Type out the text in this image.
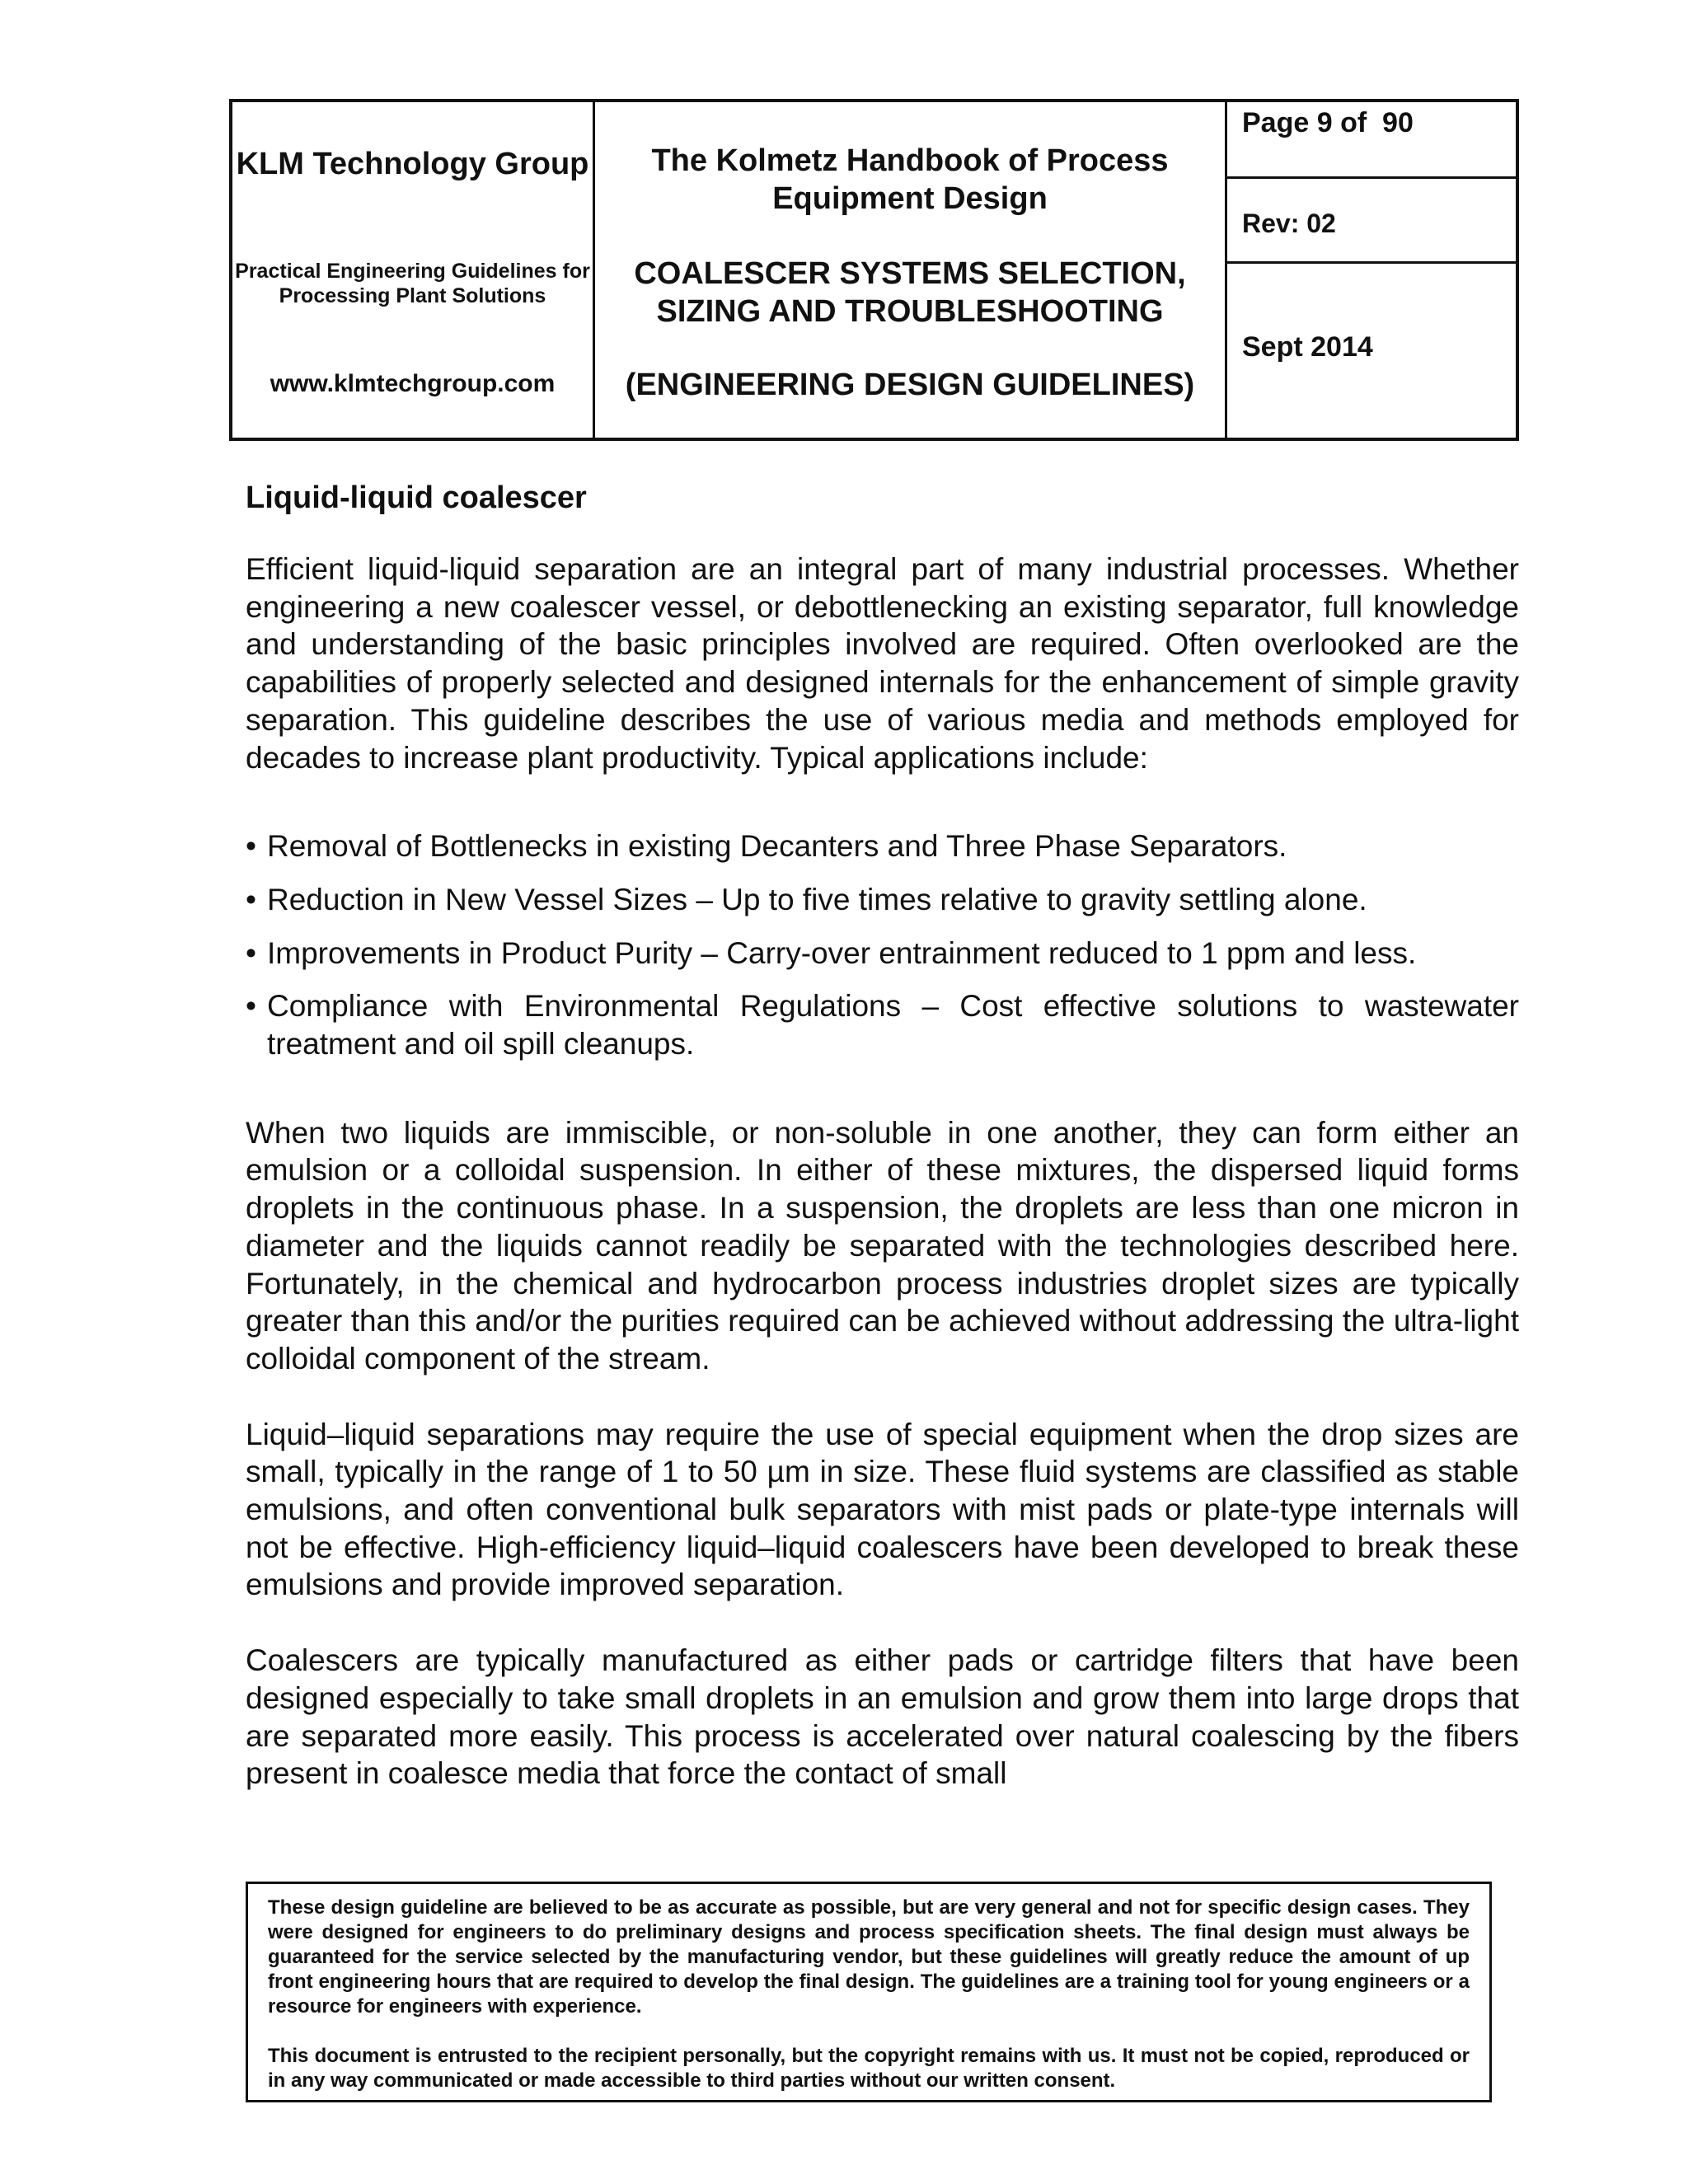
KLM Technology Group
Practical Engineering Guidelines for Processing Plant Solutions
www.klmtechgroup.com
The Kolmetz Handbook of Process Equipment Design
COALESCER SYSTEMS SELECTION, SIZING AND TROUBLESHOOTING
(ENGINEERING DESIGN GUIDELINES)
Page 9 of  90
Rev: 02
Sept 2014
Liquid-liquid coalescer

Efficient liquid-liquid separation are an integral part of many industrial processes. Whether engineering a new coalescer vessel, or debottlenecking an existing separator, full knowledge and understanding of the basic principles involved are required. Often overlooked are the capabilities of properly selected and designed internals for the enhancement of simple gravity separation. This guideline describes the use of various media and methods employed for decades to increase plant productivity. Typical applications include:

• Removal of Bottlenecks in existing Decanters and Three Phase Separators.
• Reduction in New Vessel Sizes – Up to five times relative to gravity settling alone.
• Improvements in Product Purity – Carry-over entrainment reduced to 1 ppm and less.
• Compliance with Environmental Regulations – Cost effective solutions to wastewater treatment and oil spill cleanups.

When two liquids are immiscible, or non-soluble in one another, they can form either an emulsion or a colloidal suspension. In either of these mixtures, the dispersed liquid forms droplets in the continuous phase. In a suspension, the droplets are less than one micron in diameter and the liquids cannot readily be separated with the technologies described here. Fortunately, in the chemical and hydrocarbon process industries droplet sizes are typically greater than this and/or the purities required can be achieved without addressing the ultra-light colloidal component of the stream.

Liquid–liquid separations may require the use of special equipment when the drop sizes are small, typically in the range of 1 to 50 µm in size. These fluid systems are classified as stable emulsions, and often conventional bulk separators with mist pads or plate-type internals will not be effective. High-efficiency liquid–liquid coalescers have been developed to break these emulsions and provide improved separation.

Coalescers are typically manufactured as either pads or cartridge filters that have been designed especially to take small droplets in an emulsion and grow them into large drops that are separated more easily. This process is accelerated over natural coalescing by the fibers present in coalesce media that force the contact of small

These design guideline are believed to be as accurate as possible, but are very general and not for specific design cases. They were designed for engineers to do preliminary designs and process specification sheets. The final design must always be guaranteed for the service selected by the manufacturing vendor, but these guidelines will greatly reduce the amount of up front engineering hours that are required to develop the final design. The guidelines are a training tool for young engineers or a resource for engineers with experience.

This document is entrusted to the recipient personally, but the copyright remains with us. It must not be copied, reproduced or in any way communicated or made accessible to third parties without our written consent.
